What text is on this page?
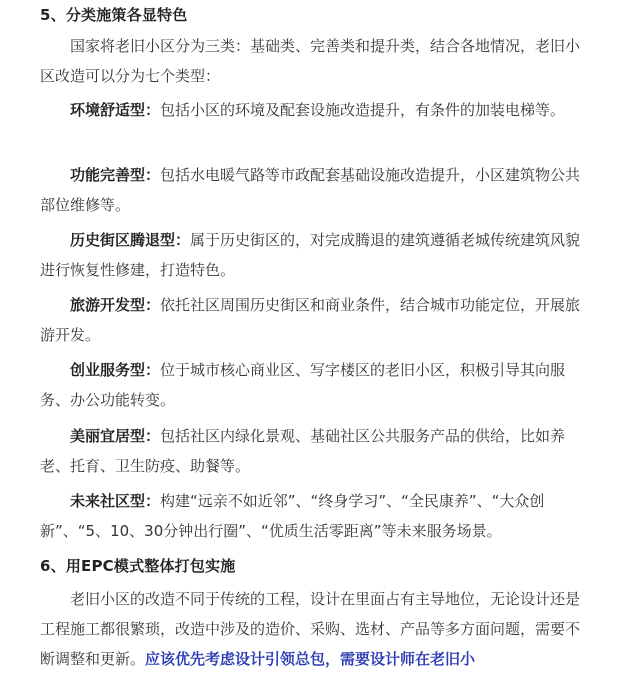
5、分类施策各显特色

国家将老旧小区分为三类：基础类、完善类和提升类，结合各地情况，老旧小区改造可以分为七个类型：

环境舒适型：包括小区的环境及配套设施改造提升，有条件的加装电梯等。

功能完善型：包括水电暖气路等市政配套基础设施改造提升，小区建筑物公共部位维修等。

历史街区腾退型：属于历史街区的，对完成腾退的建筑遵循老城传统建筑风貌进行恢复性修建，打造特色。

旅游开发型：依托社区周围历史街区和商业条件，结合城市功能定位，开展旅游开发。

创业服务型：位于城市核心商业区、写字楼区的老旧小区，积极引导其向服务、办公功能转变。

美丽宜居型：包括社区内绿化景观、基础社区公共服务产品的供给，比如养　老、托育、卫生防疫、助餐等。

未来社区型：构建“远亲不如近邻”、“终身学习”、“全民康养”、“大众创新”、“5、10、30分钟出行圈”、“优质生活零距离”等未来服务场景。

6、用EPC模式整体打包实施

老旧小区的改造不同于传统的工程，设计在里面占有主导地位，无论设计还是工程施工都很繁琐，改造中涉及的造价、采购、选材、产品等多方面问题，需要不断调整和更新。应该优先考虑设计引领总包，需要设计师在老旧小
